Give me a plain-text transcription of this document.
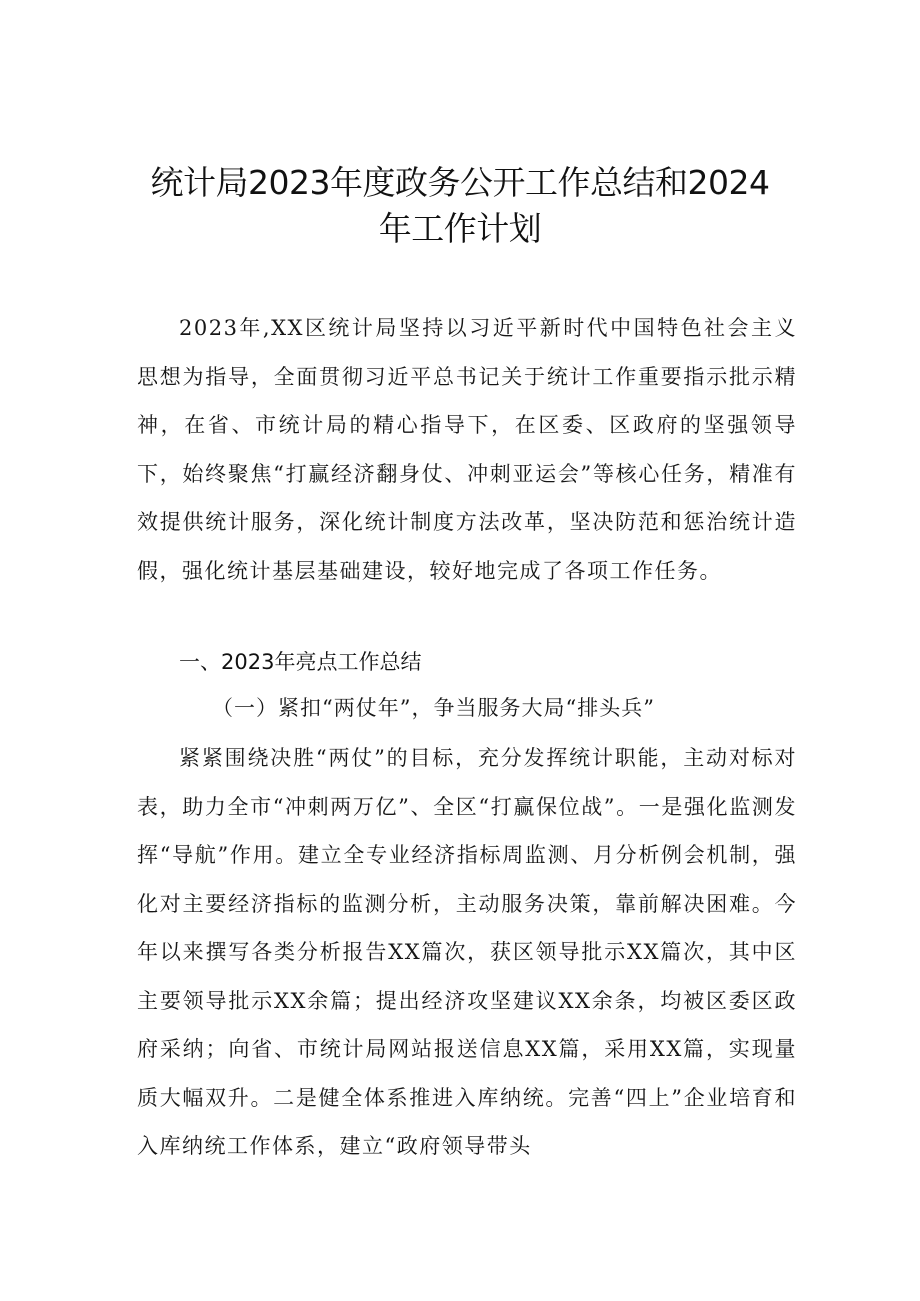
统计局2023年度政务公开工作总结和2024
年工作计划

2023年,XX区统计局坚持以习近平新时代中国特色社会主义思想为指导，全面贯彻习近平总书记关于统计工作重要指示批示精神，在省、市统计局的精心指导下，在区委、区政府的坚强领导下，始终聚焦“打赢经济翻身仗、冲刺亚运会”等核心任务，精准有效提供统计服务，深化统计制度方法改革，坚决防范和惩治统计造假，强化统计基层基础建设，较好地完成了各项工作任务。

一、2023年亮点工作总结
（一）紧扣“两仗年”，争当服务大局“排头兵”

紧紧围绕决胜“两仗”的目标，充分发挥统计职能，主动对标对表，助力全市“冲刺两万亿”、全区“打赢保位战”。一是强化监测发挥“导航”作用。建立全专业经济指标周监测、月分析例会机制，强化对主要经济指标的监测分析，主动服务决策，靠前解决困难。今年以来撰写各类分析报告XX篇次，获区领导批示XX篇次，其中区主要领导批示XX余篇；提出经济攻坚建议XX余条，均被区委区政府采纳；向省、市统计局网站报送信息XX篇，采用XX篇，实现量质大幅双升。二是健全体系推进入库纳统。完善“四上”企业培育和入库纳统工作体系，建立“政府领导带头
